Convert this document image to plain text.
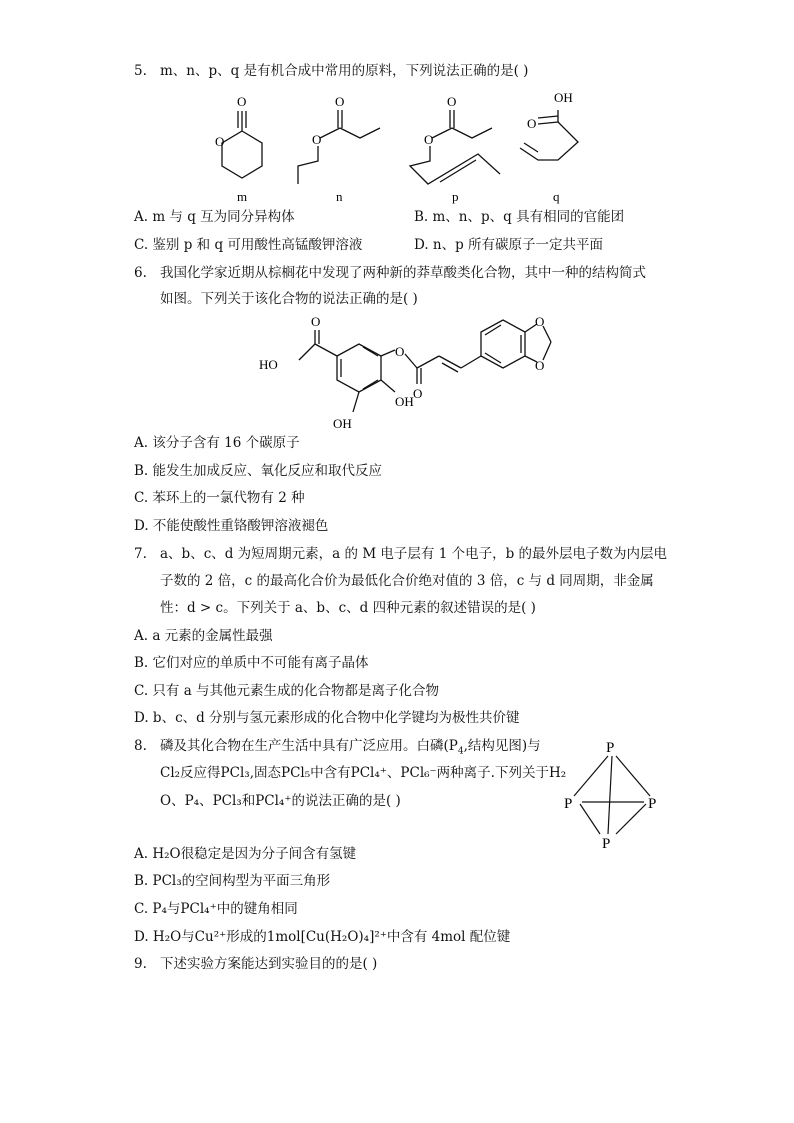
5. m、n、p、q 是有机合成中常用的原料，下列说法正确的是( )
O
O
O
O
O
O
OH
O
m	n	p	q
A. m 与 q 互为同分异构体	B. m、n、p、q 具有相同的官能团
C. 鉴别 p 和 q 可用酸性高锰酸钾溶液	D. n、p 所有碳原子一定共平面
6. 我国化学家近期从棕榈花中发现了两种新的莽草酸类化合物，其中一种的结构简式
如图。下列关于该化合物的说法正确的是( )
HO
O
O
O
OH
OH
O
O
A. 该分子含有 16 个碳原子
B. 能发生加成反应、氧化反应和取代反应
C. 苯环上的一氯代物有 2 种
D. 不能使酸性重铬酸钾溶液褪色
7. a、b、c、d 为短周期元素，a 的 M 电子层有 1 个电子，b 的最外层电子数为内层电
子数的 2 倍，c 的最高化合价为最低化合价绝对值的 3 倍，c 与 d 同周期，非金属
性：d > c。下列关于 a、b、c、d 四种元素的叙述错误的是( )
A. a 元素的金属性最强
B. 它们对应的单质中不可能有离子晶体
C. 只有 a 与其他元素生成的化合物都是离子化合物
D. b、c、d 分别与氢元素形成的化合物中化学键均为极性共价键
8. 磷及其化合物在生产生活中具有广泛应用。白磷($P_4$,结构见图)与
Cl₂反应得PCl₃,固态PCl₅中含有PCl₄⁺、PCl₆⁻两种离子.下列关于H₂
O、P₄、PCl₃和PCl₄⁺的说法正确的是( )
P
P	P
P
A. H₂O很稳定是因为分子间含有氢键
B. PCl₃的空间构型为平面三角形
C. P₄与PCl₄⁺中的键角相同
D. H₂O与Cu²⁺形成的1mol[Cu(H₂O)₄]²⁺中含有 4mol 配位键
9. 下述实验方案能达到实验目的的是( )
